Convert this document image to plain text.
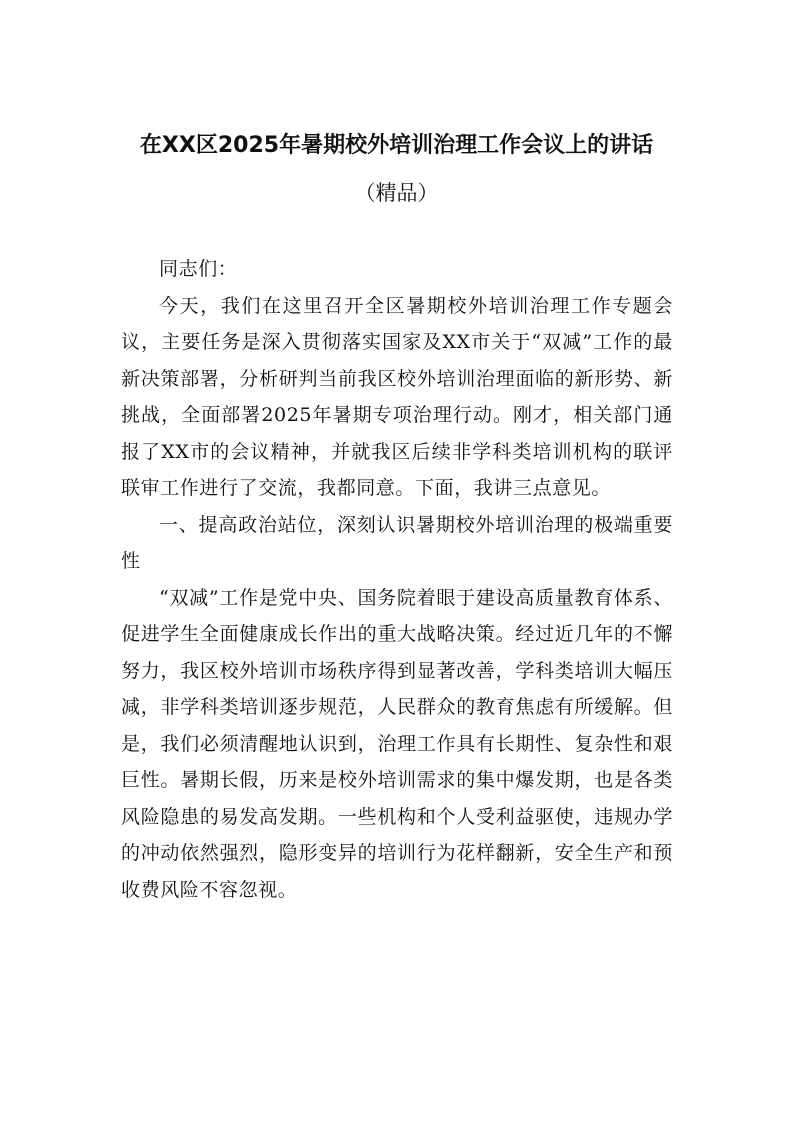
在XX区2025年暑期校外培训治理工作会议上的讲话
（精品）

同志们：

今天，我们在这里召开全区暑期校外培训治理工作专题会议，主要任务是深入贯彻落实国家及XX市关于“双减”工作的最新决策部署，分析研判当前我区校外培训治理面临的新形势、新挑战，全面部署2025年暑期专项治理行动。刚才，相关部门通报了XX市的会议精神，并就我区后续非学科类培训机构的联评联审工作进行了交流，我都同意。下面，我讲三点意见。

一、提高政治站位，深刻认识暑期校外培训治理的极端重要性

“双减”工作是党中央、国务院着眼于建设高质量教育体系、促进学生全面健康成长作出的重大战略决策。经过近几年的不懈努力，我区校外培训市场秩序得到显著改善，学科类培训大幅压减，非学科类培训逐步规范，人民群众的教育焦虑有所缓解。但是，我们必须清醒地认识到，治理工作具有长期性、复杂性和艰巨性。暑期长假，历来是校外培训需求的集中爆发期，也是各类风险隐患的易发高发期。一些机构和个人受利益驱使，违规办学的冲动依然强烈，隐形变异的培训行为花样翻新，安全生产和预收费风险不容忽视。
